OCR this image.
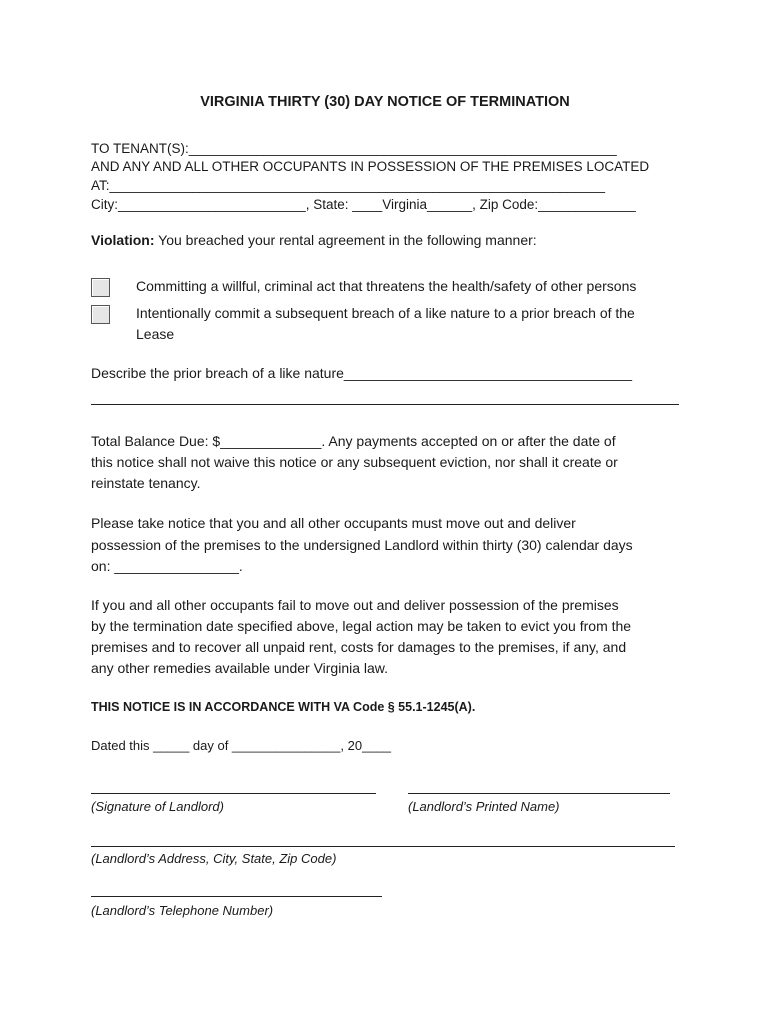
VIRGINIA THIRTY (30) DAY NOTICE OF TERMINATION
TO TENANT(S):_________________________________________________________
AND ANY AND ALL OTHER OCCUPANTS IN POSSESSION OF THE PREMISES LOCATED
AT:__________________________________________________________________
City:_________________________, State: ____Virginia______, Zip Code:_____________
Violation: You breached your rental agreement in the following manner:
Committing a willful, criminal act that threatens the health/safety of other persons
Intentionally commit a subsequent breach of a like nature to a prior breach of the
Lease
Describe the prior breach of a like nature_____________________________________
Total Balance Due: $_____________. Any payments accepted on or after the date of
this notice shall not waive this notice or any subsequent eviction, nor shall it create or
reinstate tenancy.
Please take notice that you and all other occupants must move out and deliver
possession of the premises to the undersigned Landlord within thirty (30) calendar days
on: ________________.
If you and all other occupants fail to move out and deliver possession of the premises
by the termination date specified above, legal action may be taken to evict you from the
premises and to recover all unpaid rent, costs for damages to the premises, if any, and
any other remedies available under Virginia law.
THIS NOTICE IS IN ACCORDANCE WITH VA Code § 55.1-1245(A).
Dated this _____ day of _______________, 20____
(Signature of Landlord)	(Landlord’s Printed Name)
(Landlord’s Address, City, State, Zip Code)
(Landlord’s Telephone Number)
